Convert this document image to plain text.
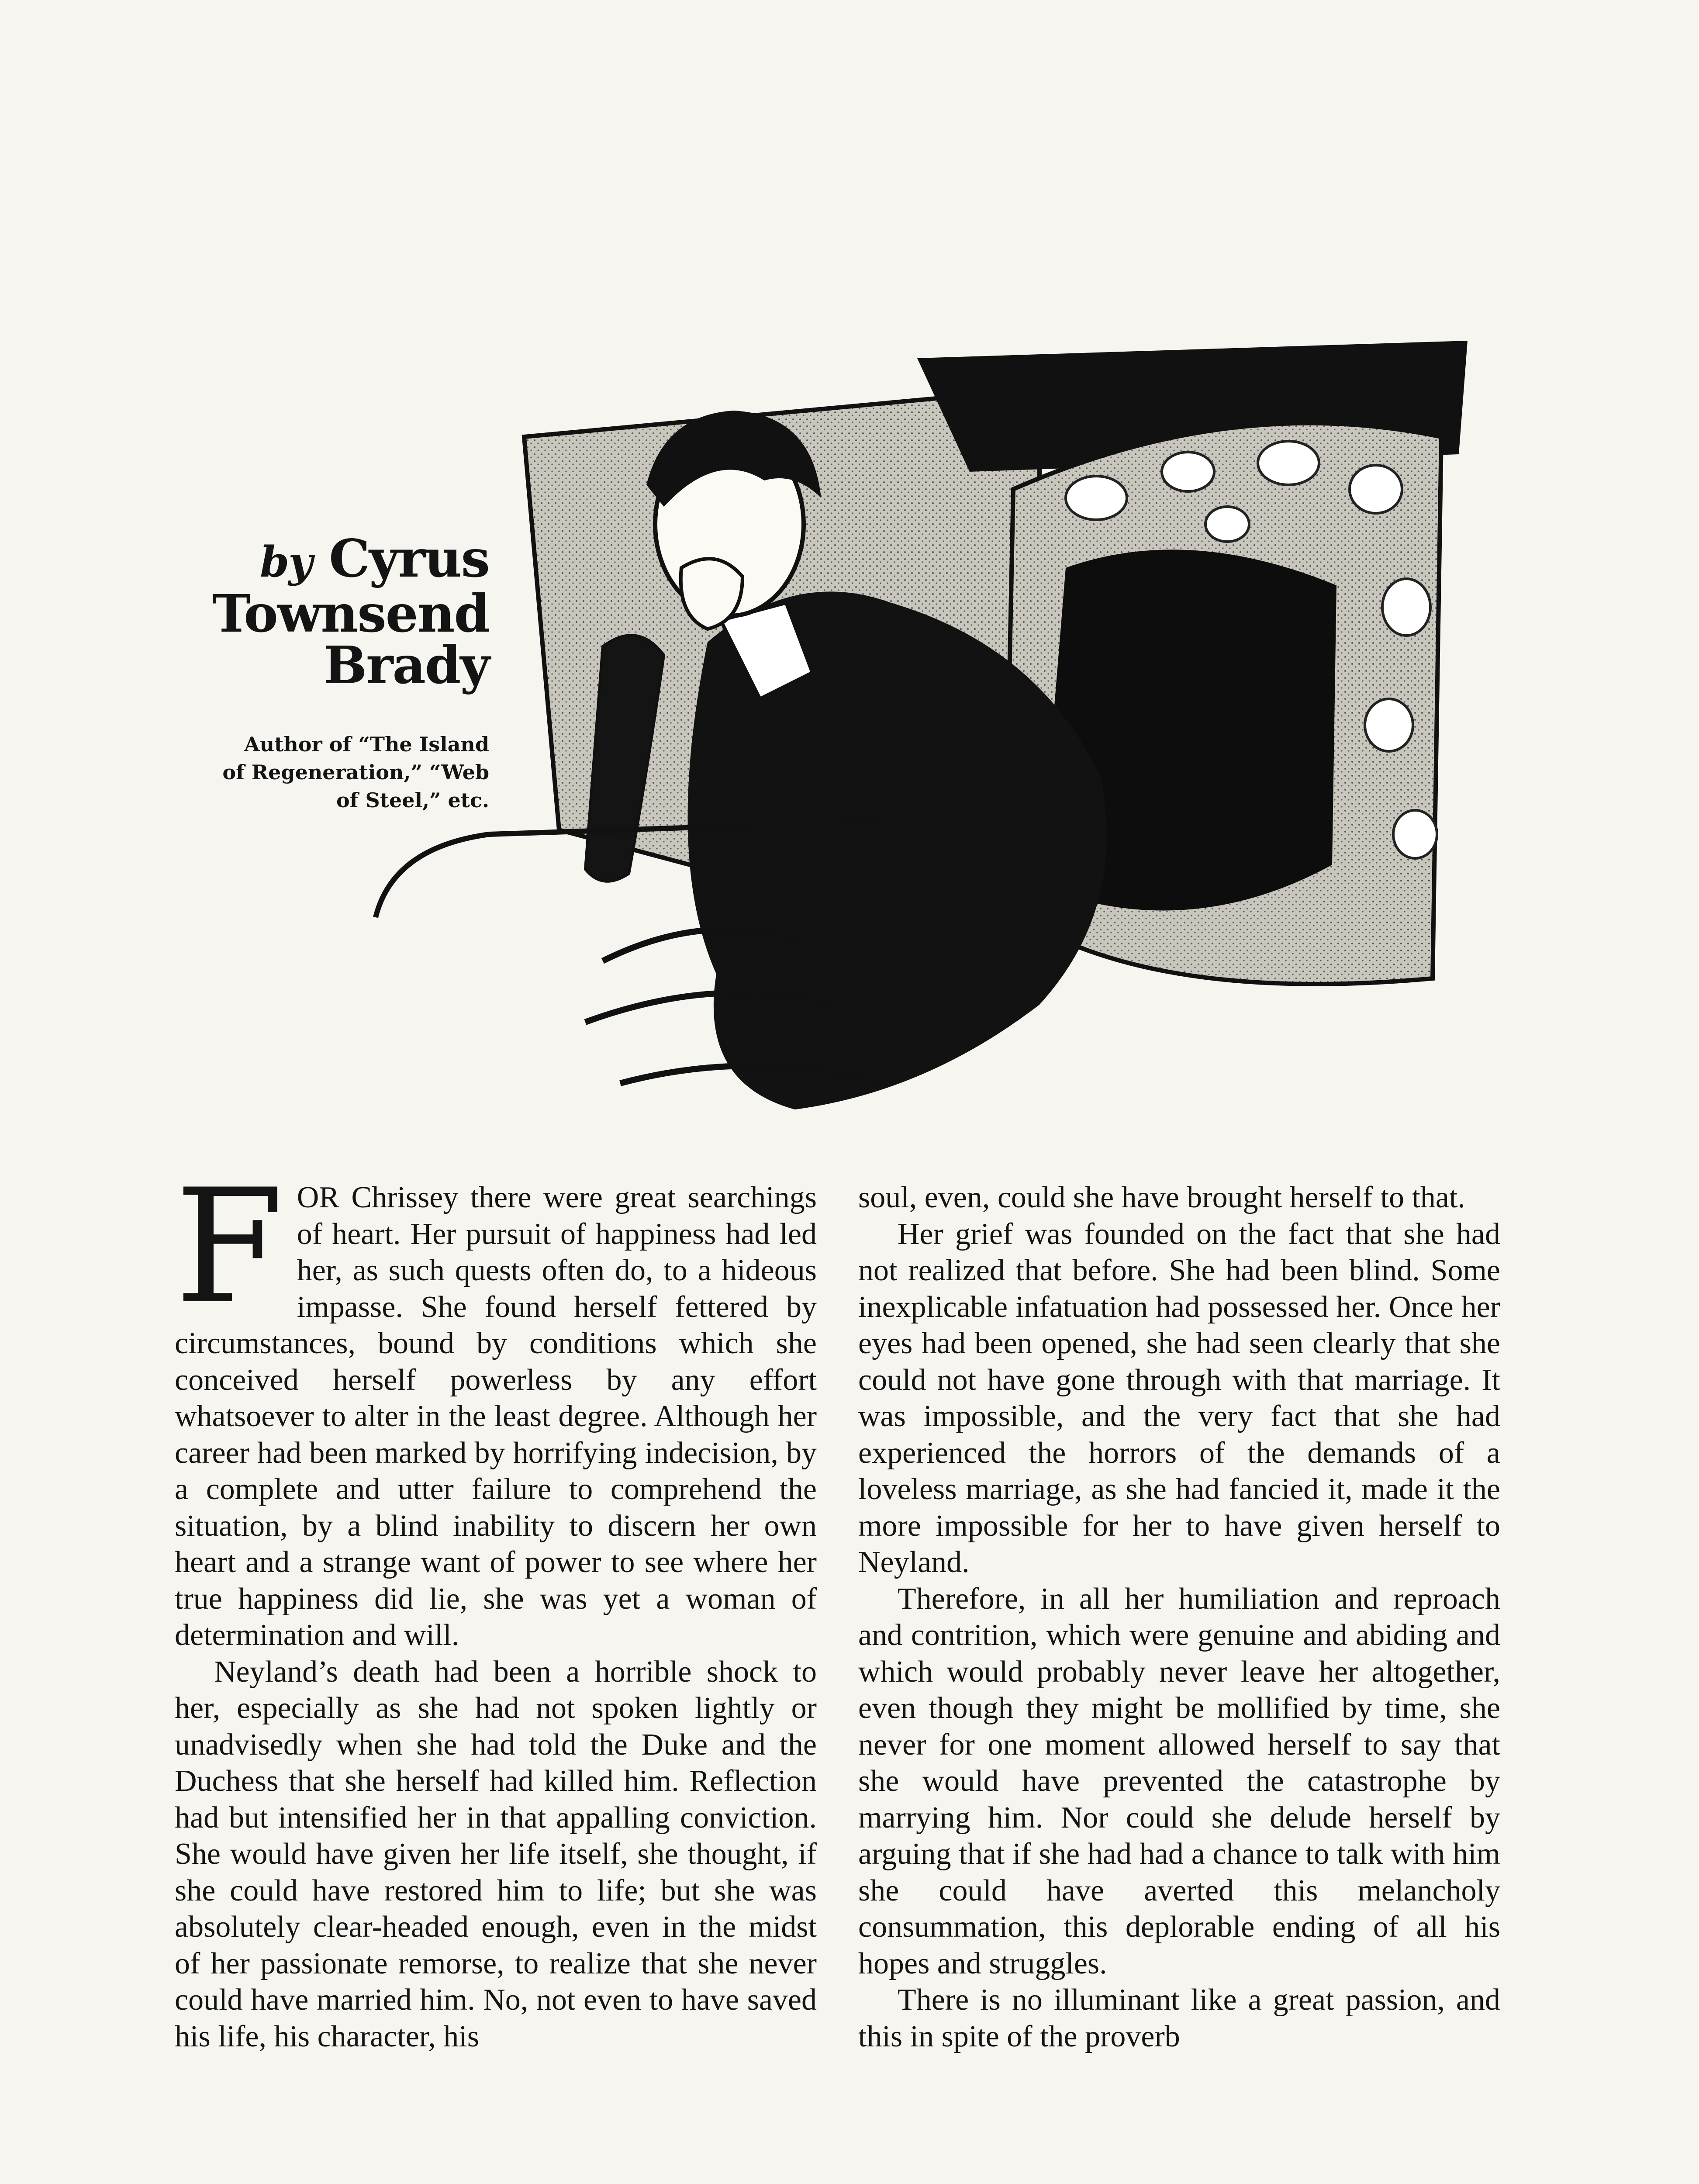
by Cyrus
Townsend
Brady
Author of “The Island
of Regeneration,” “Web
of Steel,” etc.

FOR Chrissey there were great searchings of heart. Her pursuit of happiness had led her, as such quests often do, to a hideous impasse. She found herself fettered by circumstances, bound by conditions which she conceived herself powerless by any effort whatsoever to alter in the least degree. Although her career had been marked by horrifying indecision, by a complete and utter failure to comprehend the situation, by a blind inability to discern her own heart and a strange want of power to see where her true happiness did lie, she was yet a woman of determination and will.

Neyland’s death had been a horrible shock to her, especially as she had not spoken lightly or unadvisedly when she had told the Duke and the Duchess that she herself had killed him. Reflection had but intensified her in that appalling conviction. She would have given her life itself, she thought, if she could have restored him to life; but she was absolutely clear-headed enough, even in the midst of her passionate remorse, to realize that she never could have married him. No, not even to have saved his life, his character, his

soul, even, could she have brought herself to that.

Her grief was founded on the fact that she had not realized that before. She had been blind. Some inexplicable infatuation had possessed her. Once her eyes had been opened, she had seen clearly that she could not have gone through with that marriage. It was impossible, and the very fact that she had experienced the horrors of the demands of a loveless marriage, as she had fancied it, made it the more impossible for her to have given herself to Neyland.

Therefore, in all her humiliation and reproach and contrition, which were genuine and abiding and which would probably never leave her altogether, even though they might be mollified by time, she never for one moment allowed herself to say that she would have prevented the catastrophe by marrying him. Nor could she delude herself by arguing that if she had had a chance to talk with him she could have averted this melancholy consummation, this deplorable ending of all his hopes and struggles.

There is no illuminant like a great passion, and this in spite of the proverb
